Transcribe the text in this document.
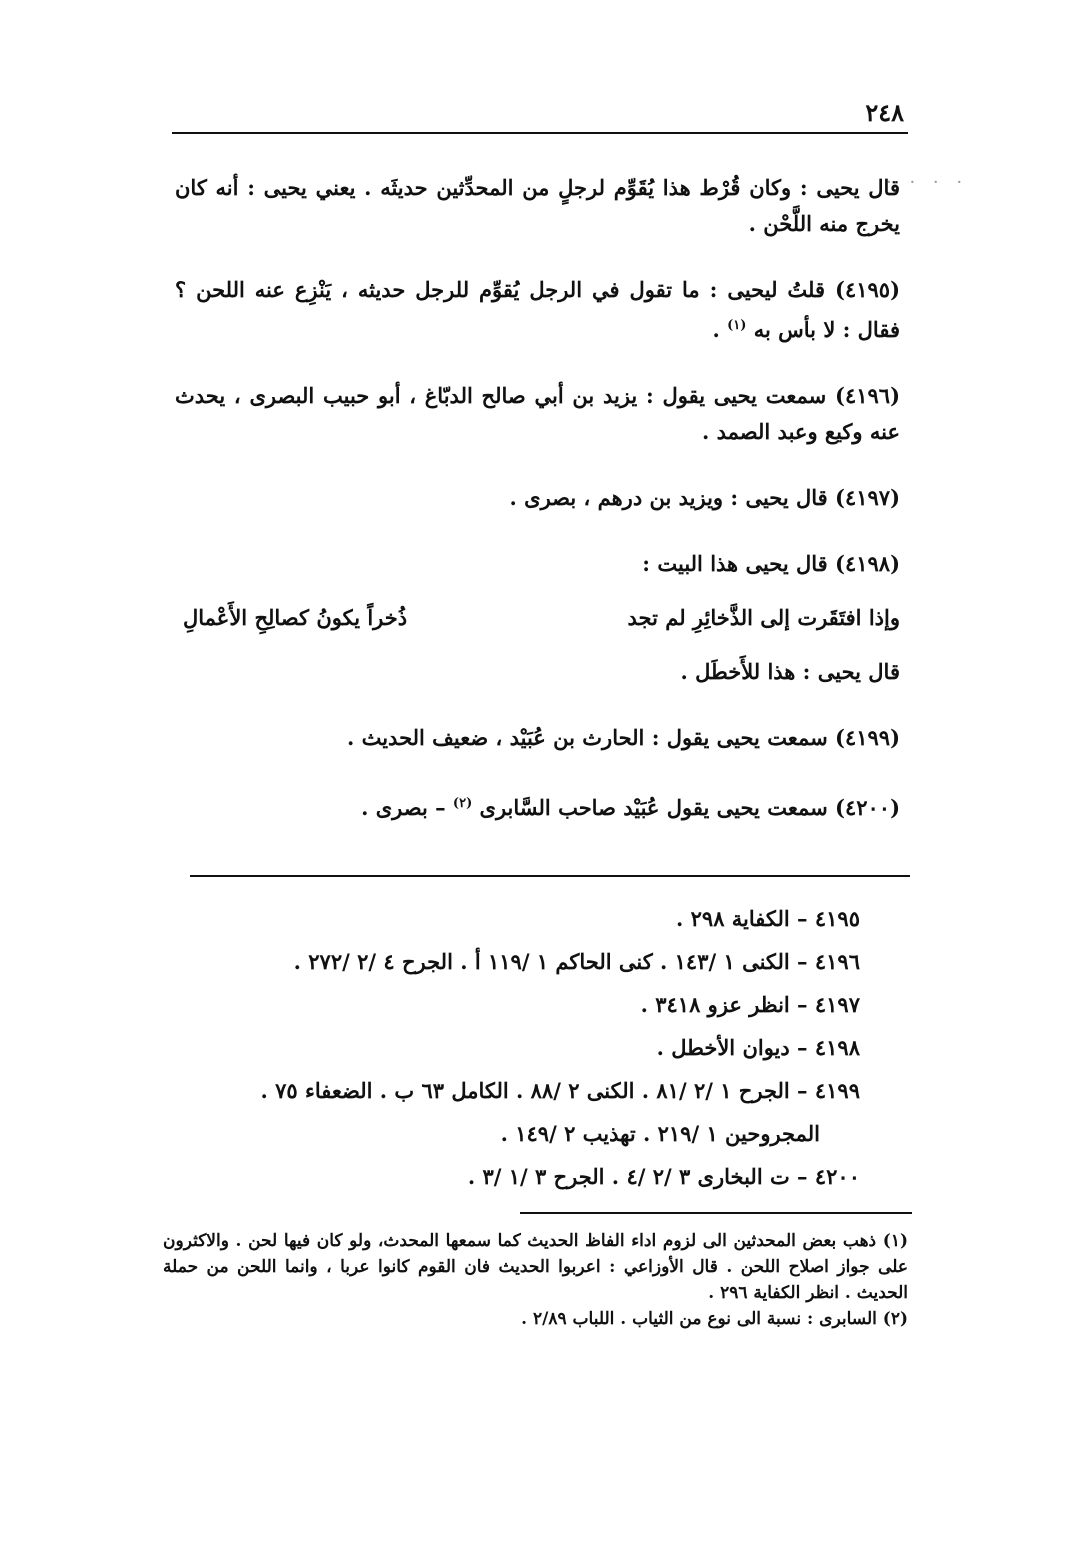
٢٤٨
· · · ·

قال يحيى : وكان قُرْط هذا يُقَوِّم لرجلٍ من المحدِّثين حديثَه . يعني يحيى : أنه كان يخرج منه اللَّحْن .

(٤١٩٥) قلتُ ليحيى : ما تقول في الرجل يُقوِّم للرجل حديثه ، يَنْزِع عنه اللحن ؟ فقال : لا بأس به $^{(١)}$ .

(٤١٩٦) سمعت يحيى يقول : يزيد بن أبي صالح الدبّاغ ، أبو حبيب البصرى ، يحدث عنه وكيع وعبد الصمد .

(٤١٩٧) قال يحيى : ويزيد بن درهم ، بصرى .

(٤١٩٨) قال يحيى هذا البيت :

وإذا افتَقَرت إلى الذَّخائِرِ لم تجد
ذُخراً يكونُ كصالِحِ الأَعْمالِ

قال يحيى : هذا للأَخطَل .

(٤١٩٩) سمعت يحيى يقول : الحارث بن عُبَيْد ، ضعيف الحديث .

(٤٢٠٠) سمعت يحيى يقول عُبَيْد صاحب السَّابرى $^{(٢)}$ – بصرى .

٤١٩٥ – الكفاية ٢٩٨ .

٤١٩٦ – الكنى ١ /١٤٣ . كنى الحاكم ١ /١١٩ أ . الجرح ٤ /٢ /٢٧٢ .

٤١٩٧ – انظر عزو ٣٤١٨ .

٤١٩٨ – ديوان الأخطل .

٤١٩٩ – الجرح ١ /٢ /٨١ . الكنى ٢ /٨٨ . الكامل ٦٣ ب . الضعفاء ٧٥ .

المجروحين ١ /٢١٩ . تهذيب ٢ /١٤٩ .

٤٢٠٠ – ت البخارى ٣ /٢ /٤ . الجرح ٣ /١ /٣ .

(١) ذهب بعض المحدثين الى لزوم اداء الفاظ الحديث كما سمعها المحدث، ولو كان فيها لحن . والاكثرون على جواز اصلاح اللحن . قال الأوزاعي : اعربوا الحديث فان القوم كانوا عربا ، وانما اللحن من حملة الحديث . انظر الكفاية ٢٩٦ .

(٢) السابرى : نسبة الى نوع من الثياب . اللباب ٢/٨٩ .
